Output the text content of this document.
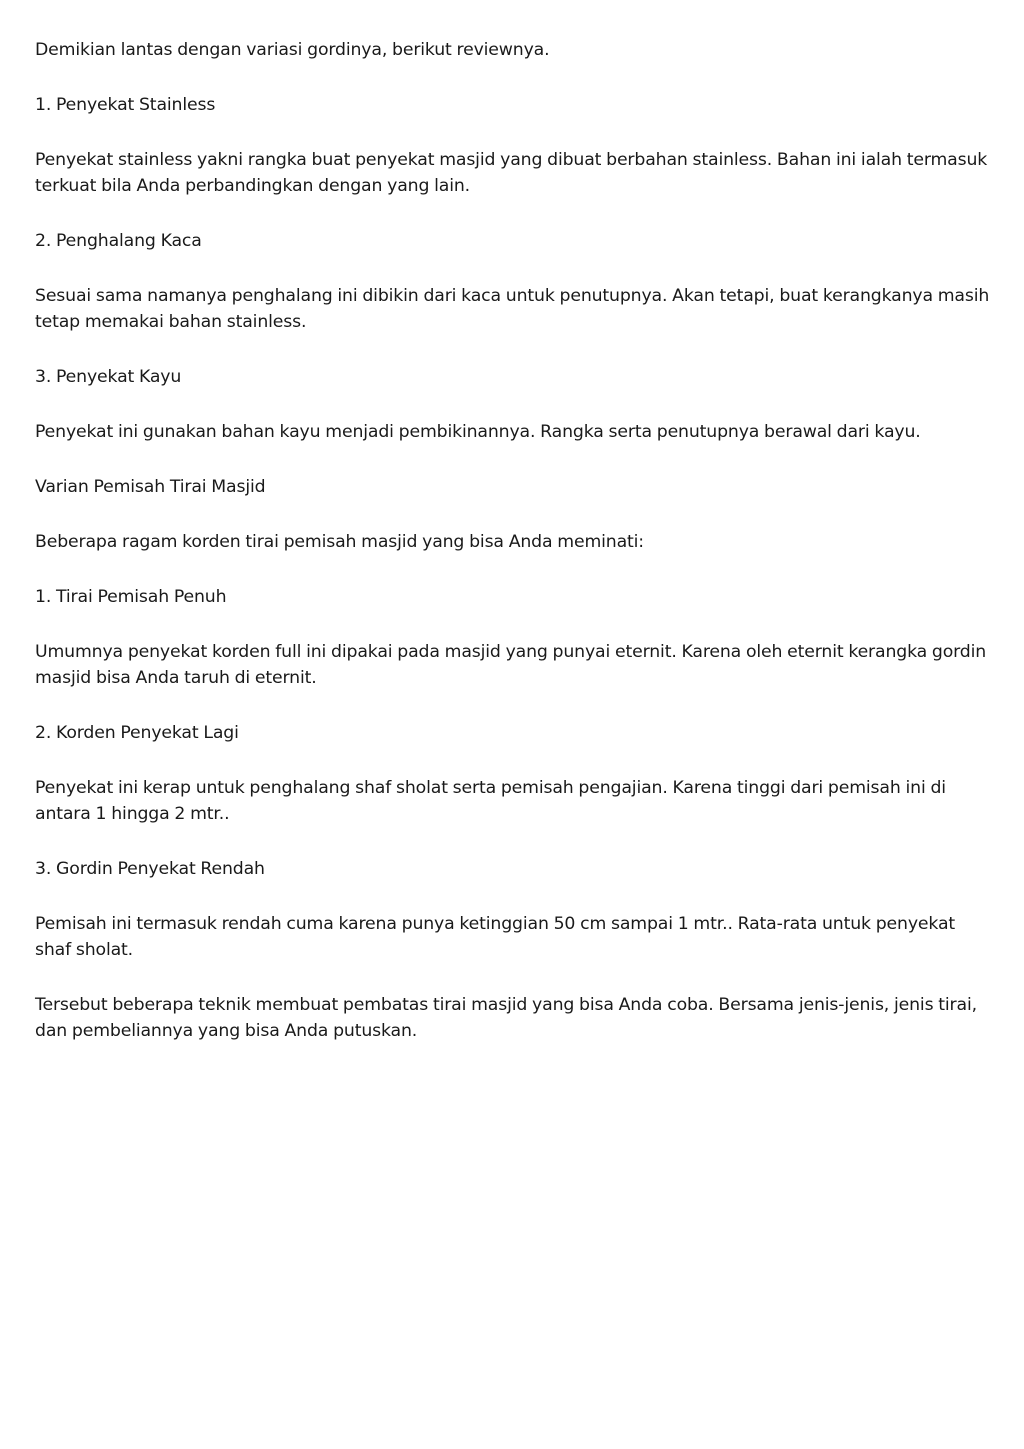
Demikian lantas dengan variasi gordinya, berikut reviewnya.

1. Penyekat Stainless

Penyekat stainless yakni rangka buat penyekat masjid yang dibuat berbahan stainless. Bahan ini ialah termasuk terkuat bila Anda perbandingkan dengan yang lain.

2. Penghalang Kaca

Sesuai sama namanya penghalang ini dibikin dari kaca untuk penutupnya. Akan tetapi, buat kerangkanya masih tetap memakai bahan stainless.

3. Penyekat Kayu

Penyekat ini gunakan bahan kayu menjadi pembikinannya. Rangka serta penutupnya berawal dari kayu.

Varian Pemisah Tirai Masjid

Beberapa ragam korden tirai pemisah masjid yang bisa Anda meminati:

1. Tirai Pemisah Penuh

Umumnya penyekat korden full ini dipakai pada masjid yang punyai eternit. Karena oleh eternit kerangka gordin masjid bisa Anda taruh di eternit.

2. Korden Penyekat Lagi

Penyekat ini kerap untuk penghalang shaf sholat serta pemisah pengajian. Karena tinggi dari pemisah ini di antara 1 hingga 2 mtr..

3. Gordin Penyekat Rendah

Pemisah ini termasuk rendah cuma karena punya ketinggian 50 cm sampai 1 mtr.. Rata-rata untuk penyekat shaf sholat.

Tersebut beberapa teknik membuat pembatas tirai masjid yang bisa Anda coba. Bersama jenis-jenis, jenis tirai, dan pembeliannya yang bisa Anda putuskan.
